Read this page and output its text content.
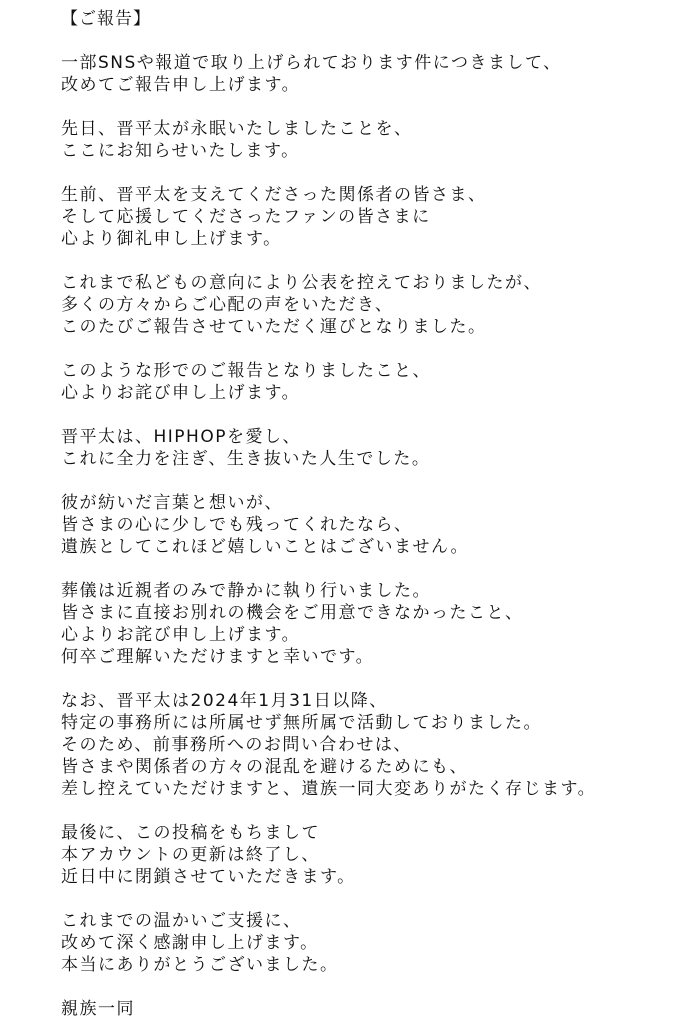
【ご報告】
一部SNSや報道で取り上げられております件につきまして、
改めてご報告申し上げます。
先日、晋平太が永眠いたしましたことを、
ここにお知らせいたします。
生前、晋平太を支えてくださった関係者の皆さま、
そして応援してくださったファンの皆さまに
心より御礼申し上げます。
これまで私どもの意向により公表を控えておりましたが、
多くの方々からご心配の声をいただき、
このたびご報告させていただく運びとなりました。
このような形でのご報告となりましたこと、
心よりお詫び申し上げます。
晋平太は、HIPHOPを愛し、
これに全力を注ぎ、生き抜いた人生でした。
彼が紡いだ言葉と想いが、
皆さまの心に少しでも残ってくれたなら、
遺族としてこれほど嬉しいことはございません。
葬儀は近親者のみで静かに執り行いました。
皆さまに直接お別れの機会をご用意できなかったこと、
心よりお詫び申し上げます。
何卒ご理解いただけますと幸いです。
なお、晋平太は2024年1月31日以降、
特定の事務所には所属せず無所属で活動しておりました。
そのため、前事務所へのお問い合わせは、
皆さまや関係者の方々の混乱を避けるためにも、
差し控えていただけますと、遺族一同大変ありがたく存じます。
最後に、この投稿をもちまして
本アカウントの更新は終了し、
近日中に閉鎖させていただきます。
これまでの温かいご支援に、
改めて深く感謝申し上げます。
本当にありがとうございました。
親族一同
